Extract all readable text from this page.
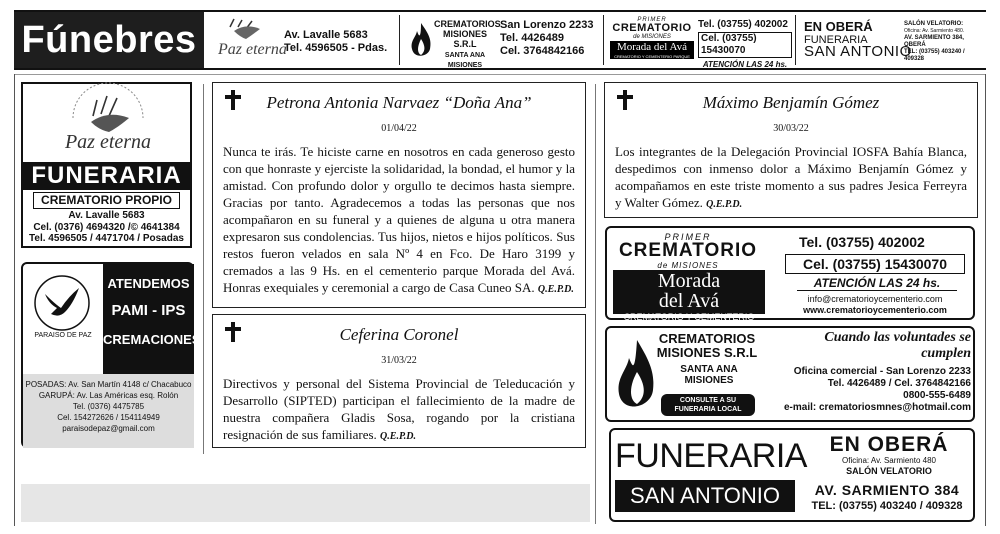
Fúnebres	Paz eterna
Av. Lavalle 5683
Tel. 4596505 - Pdas.
CREMATORIOS MISIONES S.R.L
SANTA ANA MISIONES
San Lorenzo 2233
Tel. 4426489
Cel. 3764842166
PRIMER
CREMATORIO
de MISIONES
Morada del Avá
CREMATORIO Y CEMENTERIO PARQUE
Tel. (03755) 402002
Cel. (03755) 15430070
ATENCIÓN LAS 24 hs.
EN OBERÁ
FUNERARIA
SAN ANTONIO
SALÓN VELATORIO:
Oficina: Av. Sarmiento 480.
AV. SARMIENTO 384, OBERÁ
TEL: (03755) 403240 / 409328
Paz eterna
FUNERARIA
CREMATORIO PROPIO
Av. Lavalle 5683
Cel. (0376) 4694320 /© 4641384
Tel. 4596505 / 4471704 / Posadas
PARAISO DE PAZ
ATENDEMOS
PAMI - IPS
CREMACIONES
POSADAS: Av. San Martín 4148 c/ Chacabuco
GARUPÁ: Av. Las Américas esq. Rolón
Tel. (0376) 4475785
Cel. 154272626 / 154114949
paraisodepaz@gmail.com
Petrona Antonia Narvaez “Doña Ana”
01/04/22
Nunca te irás. Te hiciste carne en nosotros en cada generoso gesto con que honraste y ejerciste la solidaridad, la bondad, el humor y la amistad. Con profundo dolor y orgullo te decimos hasta siempre. Gracias por tanto. Agradecemos a todas las personas que nos acompañaron en su funeral y a quienes de alguna u otra manera expresaron sus condolencias. Tus hijos, nietos e hijos políticos. Sus restos fueron velados en sala Nº 4 en Fco. De Haro 3199 y cremados a las 9 Hs. en el cementerio parque Morada del Avá. Honras exequiales y ceremonial a cargo de Casa Cuneo SA. Q.E.P.D.
Ceferina Coronel
31/03/22
Directivos y personal del Sistema Provincial de Teleducación y Desarrollo (SIPTED) participan el fallecimiento de la madre de nuestra compañera Gladis Sosa, rogando por la cristiana resignación de sus familiares. Q.E.P.D.
Máximo Benjamín Gómez
30/03/22
Los integrantes de la Delegación Provincial IOSFA Bahía Blanca, despedimos con inmenso dolor a Máximo Benjamín Gómez y acompañamos en este triste momento a sus padres Jesica Ferreyra y Walter Gómez. Q.E.P.D.
PRIMER
CREMATORIO
de MISIONES
Morada
del Avá
CREMATORIO Y CEMENTERIO PARQUE
Tel. (03755) 402002
Cel. (03755) 15430070
ATENCIÓN LAS 24 hs.
info@crematorioycementerio.com
www.crematorioycementerio.com
CREMATORIOS MISIONES S.R.L
SANTA ANA MISIONES
CONSULTE A SU FUNERARIA LOCAL
Cuando las voluntades se cumplen
Oficina comercial - San Lorenzo 2233
Tel. 4426489 / Cel. 3764842166
0800-555-6489
e-mail: crematoriosmnes@hotmail.com
FUNERARIA
SAN ANTONIO
EN OBERÁ
Oficina: Av. Sarmiento 480
SALÓN VELATORIO
AV. SARMIENTO 384
TEL: (03755) 403240 / 409328
